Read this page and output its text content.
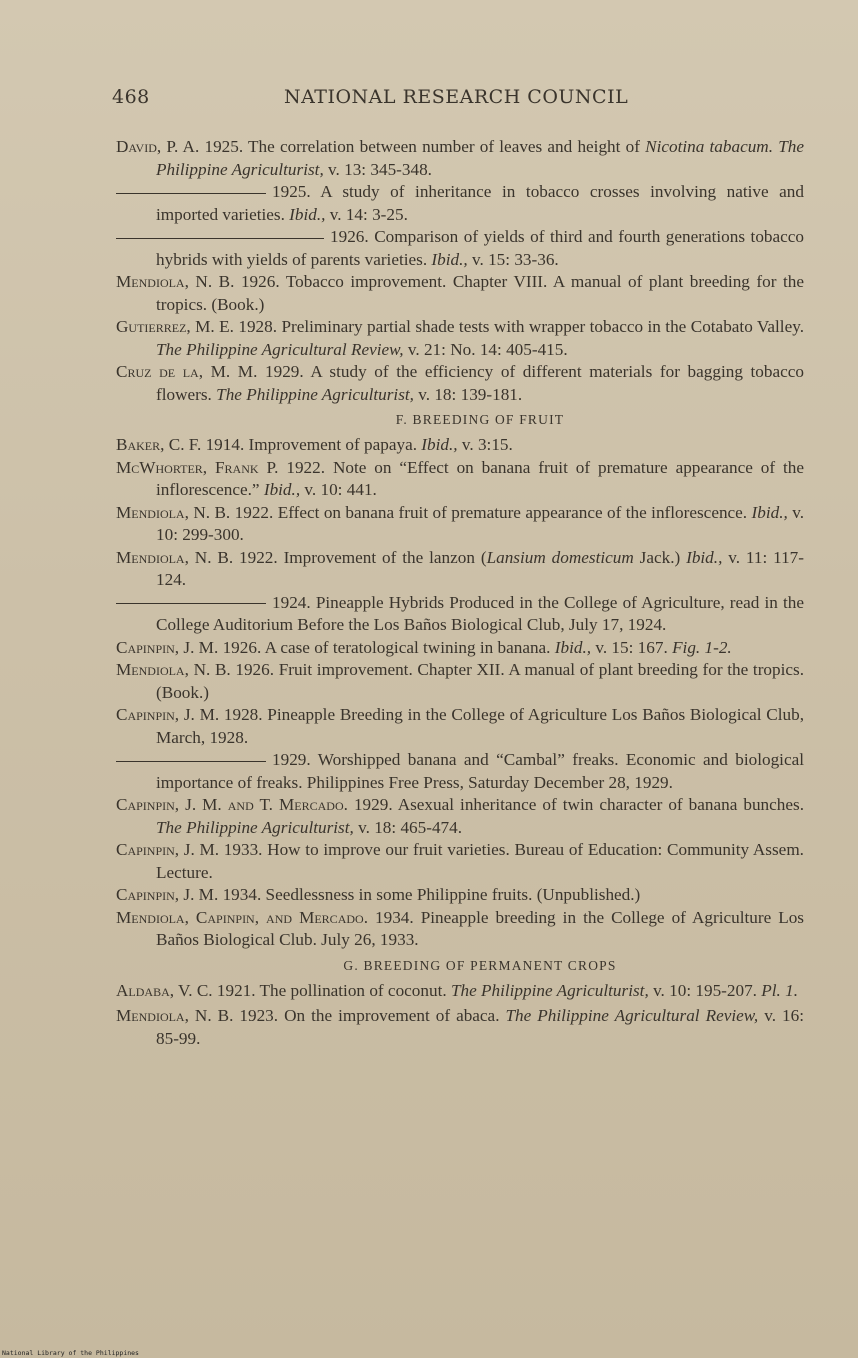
468	NATIONAL RESEARCH COUNCIL

David, P. A. 1925. The correlation between number of leaves and height of Nicotina tabacum. The Philippine Agriculturist, v. 13: 345-348.

1925. A study of inheritance in tobacco crosses involving native and imported varieties. Ibid., v. 14: 3-25.

1926. Comparison of yields of third and fourth generations tobacco hybrids with yields of parents varieties. Ibid., v. 15: 33-36.

Mendiola, N. B. 1926. Tobacco improvement. Chapter VIII. A manual of plant breeding for the tropics. (Book.)

Gutierrez, M. E. 1928. Preliminary partial shade tests with wrapper tobacco in the Cotabato Valley. The Philippine Agricultural Review, v. 21: No. 14: 405-415.

Cruz de la, M. M. 1929. A study of the efficiency of different materials for bagging tobacco flowers. The Philippine Agriculturist, v. 18: 139-181.

F. BREEDING OF FRUIT

Baker, C. F. 1914. Improvement of papaya. Ibid., v. 3:15.

McWhorter, Frank P. 1922. Note on “Effect on banana fruit of premature appearance of the inflorescence.” Ibid., v. 10: 441.

Mendiola, N. B. 1922. Effect on banana fruit of premature appearance of the inflorescence. Ibid., v. 10: 299-300.

Mendiola, N. B. 1922. Improvement of the lanzon (Lansium domesticum Jack.) Ibid., v. 11: 117-124.

1924. Pineapple Hybrids Produced in the College of Agriculture, read in the College Auditorium Before the Los Baños Biological Club, July 17, 1924.

Capinpin, J. M. 1926. A case of teratological twining in banana. Ibid., v. 15: 167. Fig. 1-2.

Mendiola, N. B. 1926. Fruit improvement. Chapter XII. A manual of plant breeding for the tropics. (Book.)

Capinpin, J. M. 1928. Pineapple Breeding in the College of Agriculture Los Baños Biological Club, March, 1928.

1929. Worshipped banana and “Cambal” freaks. Economic and biological importance of freaks. Philippines Free Press, Saturday December 28, 1929.

Capinpin, J. M. and T. Mercado. 1929. Asexual inheritance of twin character of banana bunches. The Philippine Agriculturist, v. 18: 465-474.

Capinpin, J. M. 1933. How to improve our fruit varieties. Bureau of Education: Community Assem. Lecture.

Capinpin, J. M. 1934. Seedlessness in some Philippine fruits. (Unpublished.)

Mendiola, Capinpin, and Mercado. 1934. Pineapple breeding in the College of Agriculture Los Baños Biological Club. July 26, 1933.

G. BREEDING OF PERMANENT CROPS

Aldaba, V. C. 1921. The pollination of coconut. The Philippine Agriculturist, v. 10: 195-207. Pl. 1.

Mendiola, N. B. 1923. On the improvement of abaca. The Philippine Agricultural Review, v. 16: 85-99.

National Library of the Philippines
